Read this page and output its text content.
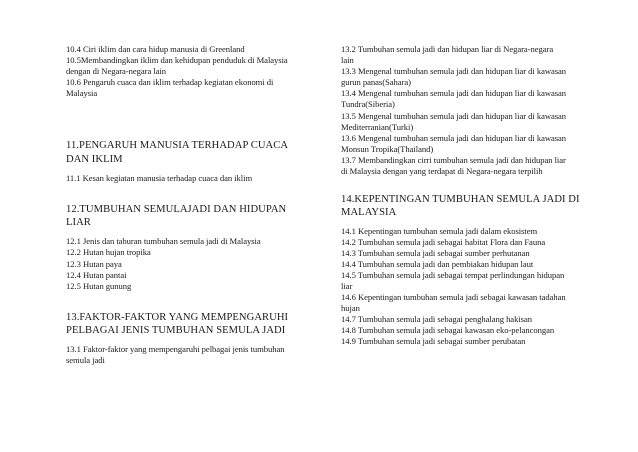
10.4 Ciri iklim dan cara hidup manusia di Greenland
10.5Membandingkan iklim dan kehidupan penduduk di Malaysia
dengan di Negara-negara lain
10.6 Pengaruh cuaca dan iklim terhadap kegiatan ekonomi di
Malaysia
11.PENGARUH MANUSIA TERHADAP CUACA
DAN IKLIM
11.1 Kesan kegiatan manusia terhadap cuaca dan iklim
12.TUMBUHAN SEMULAJADI DAN HIDUPAN
LIAR
12.1 Jenis dan taburan tumbuhan semula jadi di Malaysia
12.2 Hutan hujan tropika
12.3 Hutan paya
12.4 Hutan pantai
12.5 Hutan gunung
13.FAKTOR-FAKTOR YANG MEMPENGARUHI
PELBAGAI JENIS TUMBUHAN SEMULA JADI
13.1 Faktor-faktor yang mempengaruhi pelbagai jenis tumbuhan
semula jadi
13.2 Tumbuhan semula jadi dan hidupan liar di Negara-negara
lain
13.3 Mengenal tumbuhan semula jadi dan hidupan liar di kawasan
gurun panas(Sahara)
13.4 Mengenal tumbuhan semula jadi dan hidupan liar di kawasan
Tundra(Siberia)
13.5 Mengenal tumbuhan semula jadi dan hidupan liar di kawasan
Mediterranian(Turki)
13.6 Mengenal tumbuhan semula jadi dan hidupan liar di kawasan
Monsun Tropika(Thailand)
13.7 Membandingkan cirri tumbuhan semula jadi dan hidupan liar
di Malaysia dengan yang terdapat di Negara-negara terpilih
14.KEPENTINGAN TUMBUHAN SEMULA JADI DI
MALAYSIA
14.1 Kepentingan tumbuhan semula jadi dalam ekosistem
14.2 Tumbuhan semula jadi sebagai habitat Flora dan Fauna
14.3 Tumbuhan semula jadi sebagai sumber perhutanan
14.4 Tumbuhan semula jadi dan pembiakan hidupan laut
14.5 Tumbuhan semula jadi sebagai tempat perlindungan hidupan
liar
14.6 Kepentingan tumbuhan semula jadi sebagai kawasan tadahan
hujan
14.7 Tumbuhan semula jadi sebagai penghalang hakisan
14.8 Tumbuhan semula jadi sebagai kawasan eko-pelancongan
14.9 Tumbuhan semula jadi sebagai sumber perubatan
